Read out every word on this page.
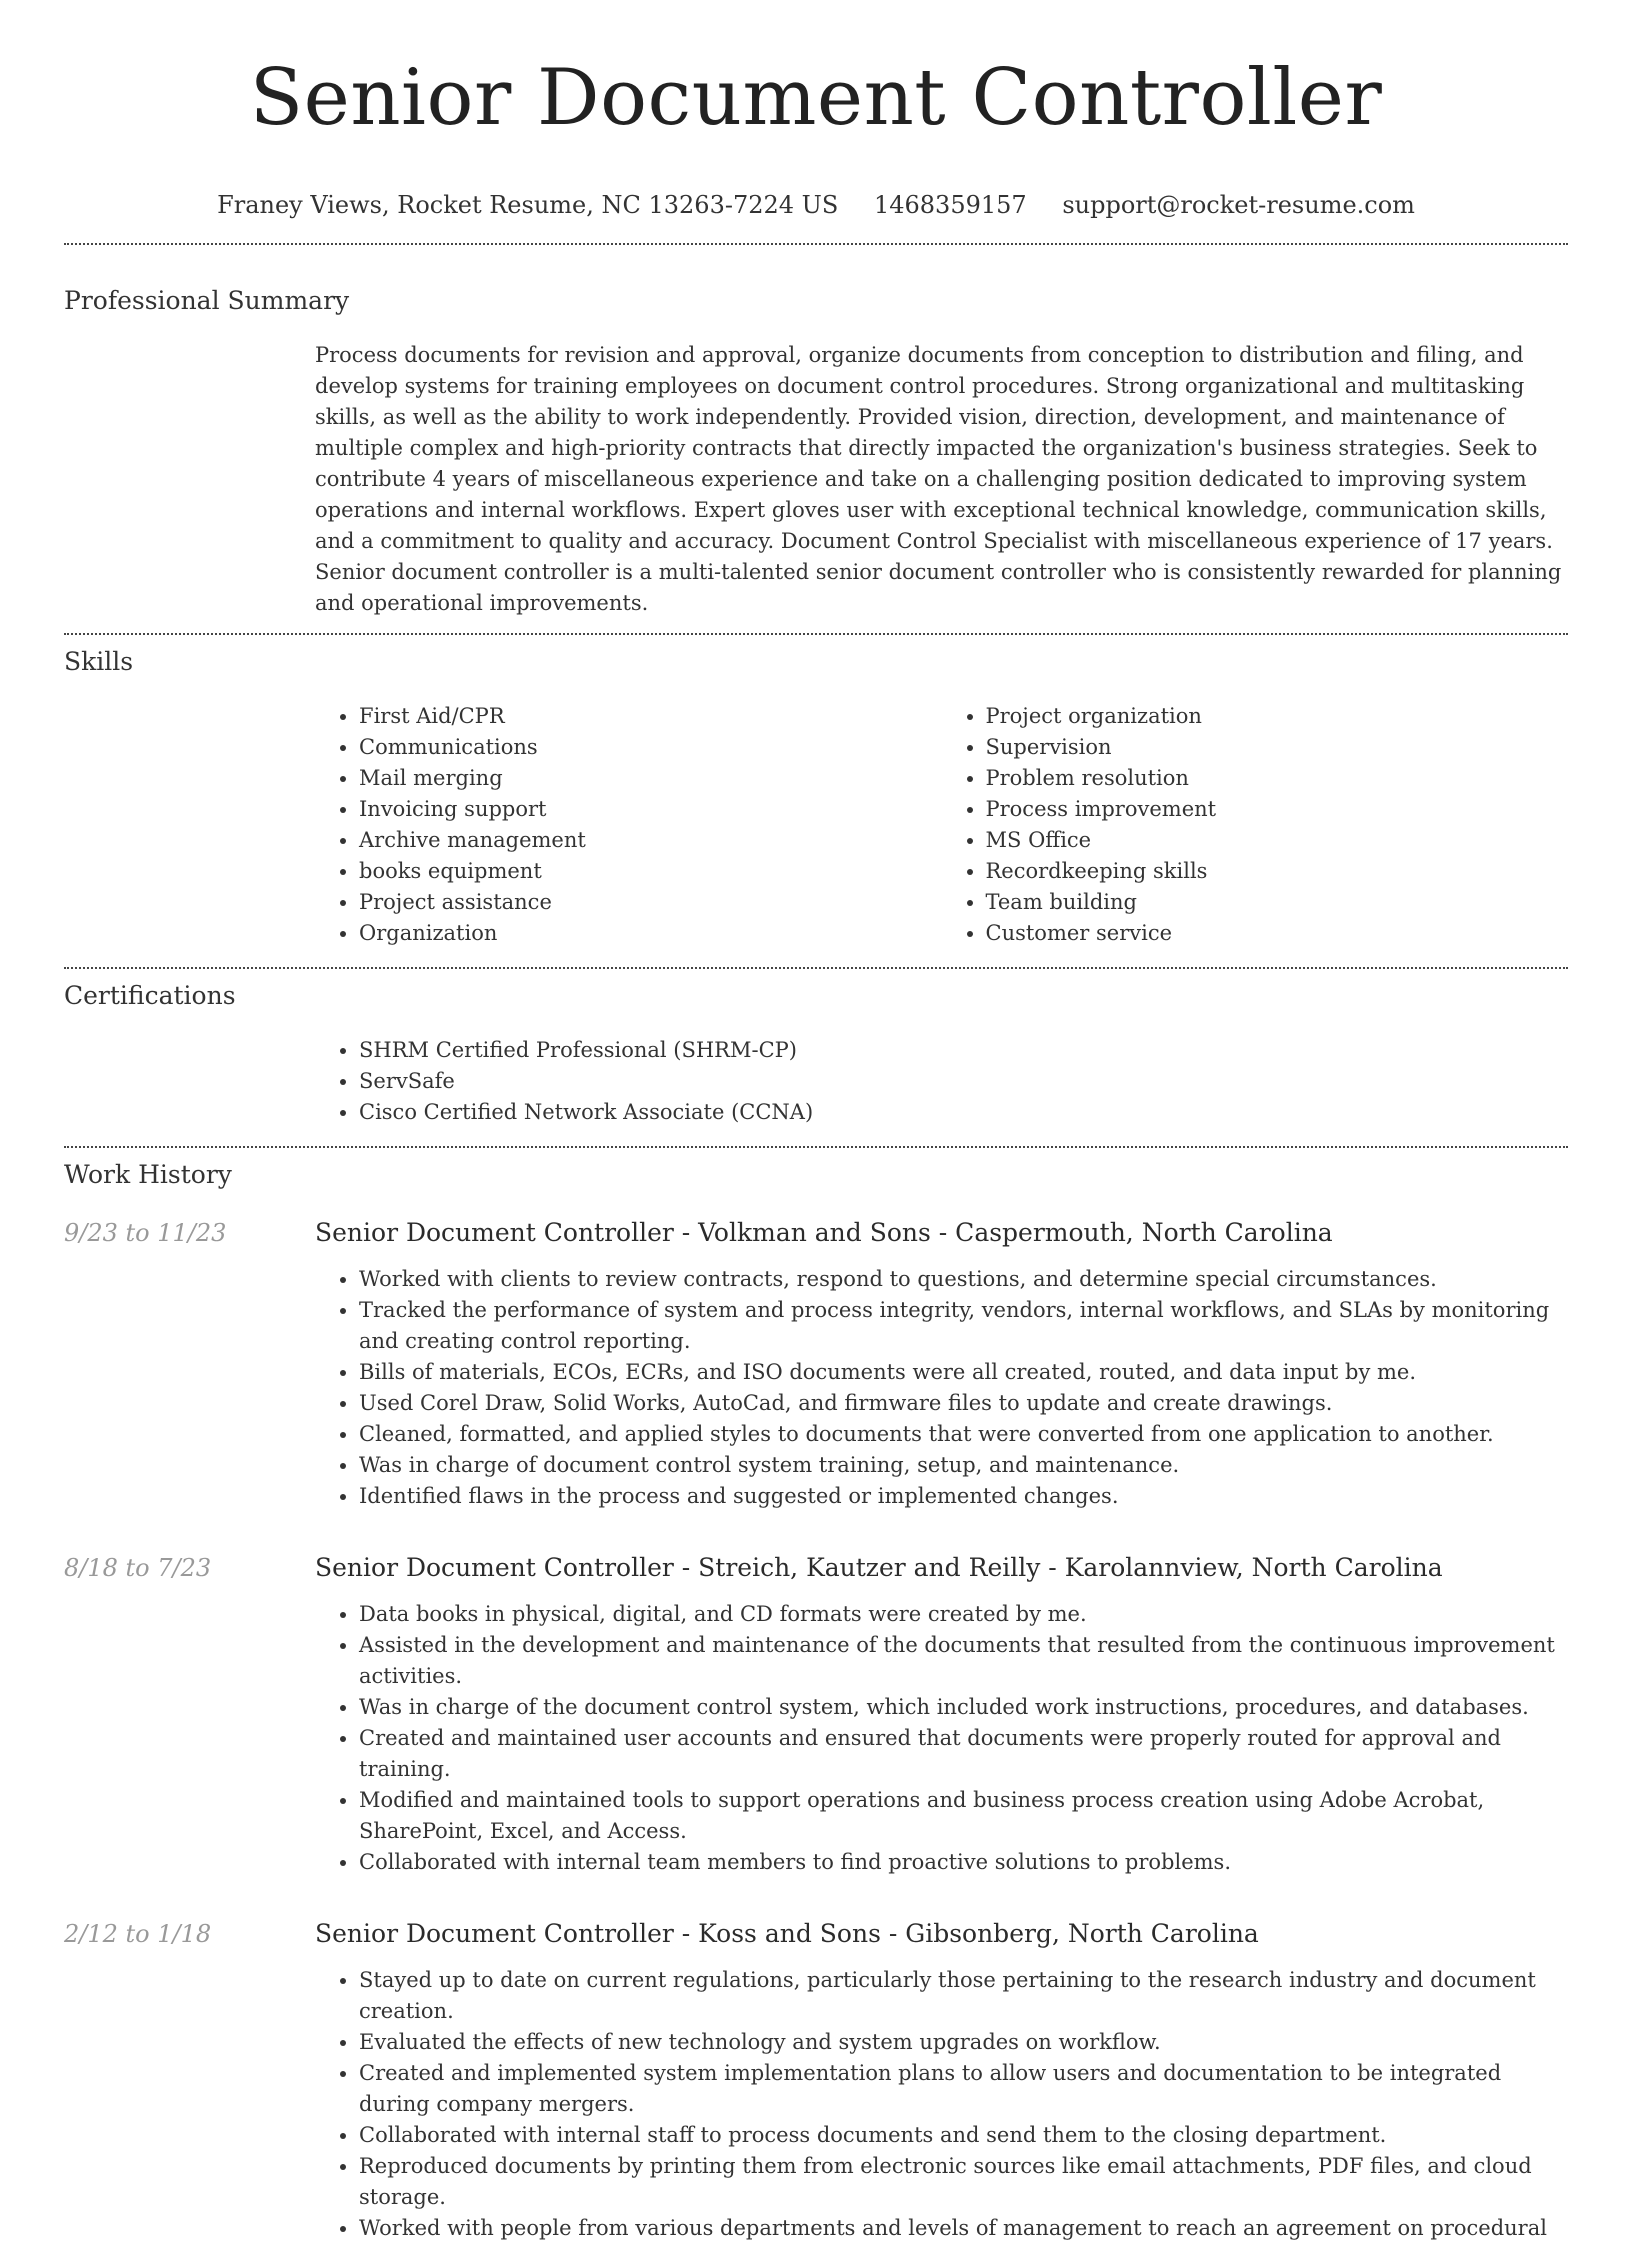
Senior Document Controller
Franey Views, Rocket Resume, NC 13263-7224 US 1468359157 support@rocket-resume.com
Professional Summary

Process documents for revision and approval, organize documents from conception to distribution and filing, and develop systems for training employees on document control procedures. Strong organizational and multitasking skills, as well as the ability to work independently. Provided vision, direction, development, and maintenance of multiple complex and high-priority contracts that directly impacted the organization's business strategies. Seek to contribute 4 years of miscellaneous experience and take on a challenging position dedicated to improving system operations and internal workflows. Expert gloves user with exceptional technical knowledge, communication skills, and a commitment to quality and accuracy. Document Control Specialist with miscellaneous experience of 17 years. Senior document controller is a multi-talented senior document controller who is consistently rewarded for planning and operational improvements.

Skills
• First Aid/CPR
• Communications
• Mail merging
• Invoicing support
• Archive management
• books equipment
• Project assistance
• Organization
• Project organization
• Supervision
• Problem resolution
• Process improvement
• MS Office
• Recordkeeping skills
• Team building
• Customer service
Certifications
• SHRM Certified Professional (SHRM-CP)
• ServSafe
• Cisco Certified Network Associate (CCNA)
Work History
9/23 to 11/23	Senior Document Controller - Volkman and Sons - Caspermouth, North Carolina
• Worked with clients to review contracts, respond to questions, and determine special circumstances.
• Tracked the performance of system and process integrity, vendors, internal workflows, and SLAs by monitoring and creating control reporting.
• Bills of materials, ECOs, ECRs, and ISO documents were all created, routed, and data input by me.
• Used Corel Draw, Solid Works, AutoCad, and firmware files to update and create drawings.
• Cleaned, formatted, and applied styles to documents that were converted from one application to another.
• Was in charge of document control system training, setup, and maintenance.
• Identified flaws in the process and suggested or implemented changes.
8/18 to 7/23	Senior Document Controller - Streich, Kautzer and Reilly - Karolannview, North Carolina
• Data books in physical, digital, and CD formats were created by me.
• Assisted in the development and maintenance of the documents that resulted from the continuous improvement activities.
• Was in charge of the document control system, which included work instructions, procedures, and databases.
• Created and maintained user accounts and ensured that documents were properly routed for approval and training.
• Modified and maintained tools to support operations and business process creation using Adobe Acrobat, SharePoint, Excel, and Access.
• Collaborated with internal team members to find proactive solutions to problems.
2/12 to 1/18	Senior Document Controller - Koss and Sons - Gibsonberg, North Carolina
• Stayed up to date on current regulations, particularly those pertaining to the research industry and document creation.
• Evaluated the effects of new technology and system upgrades on workflow.
• Created and implemented system implementation plans to allow users and documentation to be integrated during company mergers.
• Collaborated with internal staff to process documents and send them to the closing department.
• Reproduced documents by printing them from electronic sources like email attachments, PDF files, and cloud storage.
• Worked with people from various departments and levels of management to reach an agreement on procedural
